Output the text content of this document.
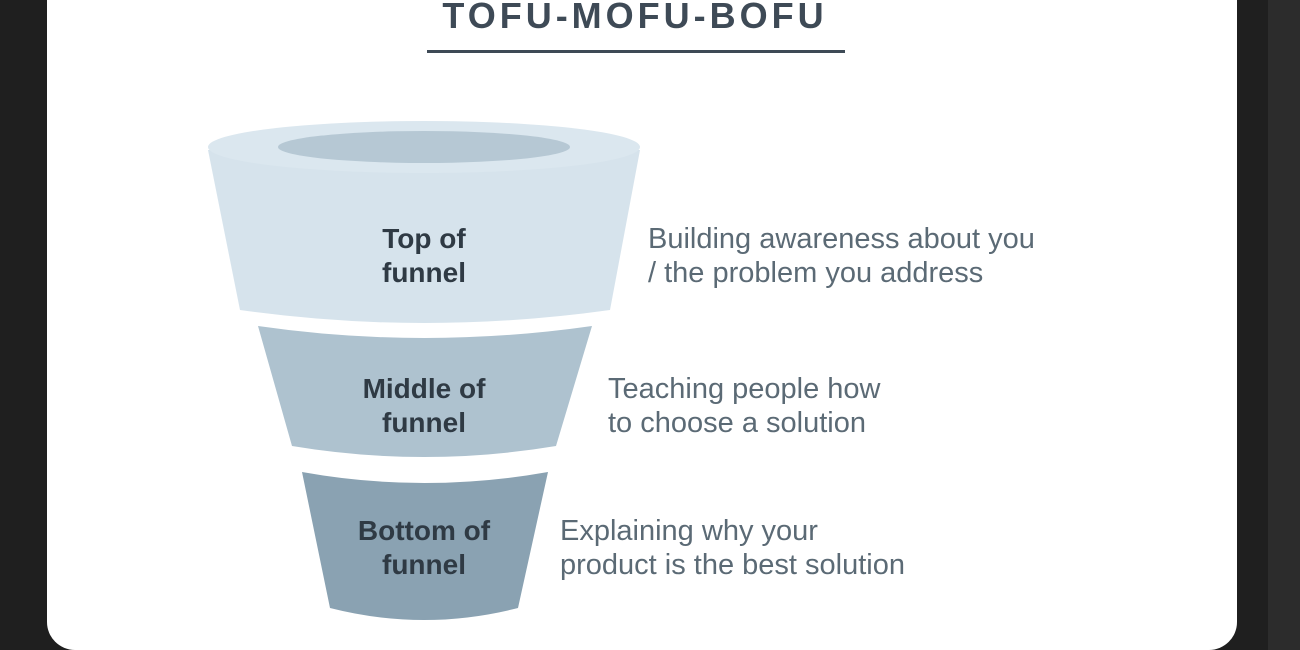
TOFU-MOFU-BOFU
Top of
funnel
Middle of
funnel
Bottom of
funnel
Building awareness about you
/ the problem you address
Teaching people how
to choose a solution
Explaining why your
product is the best solution
